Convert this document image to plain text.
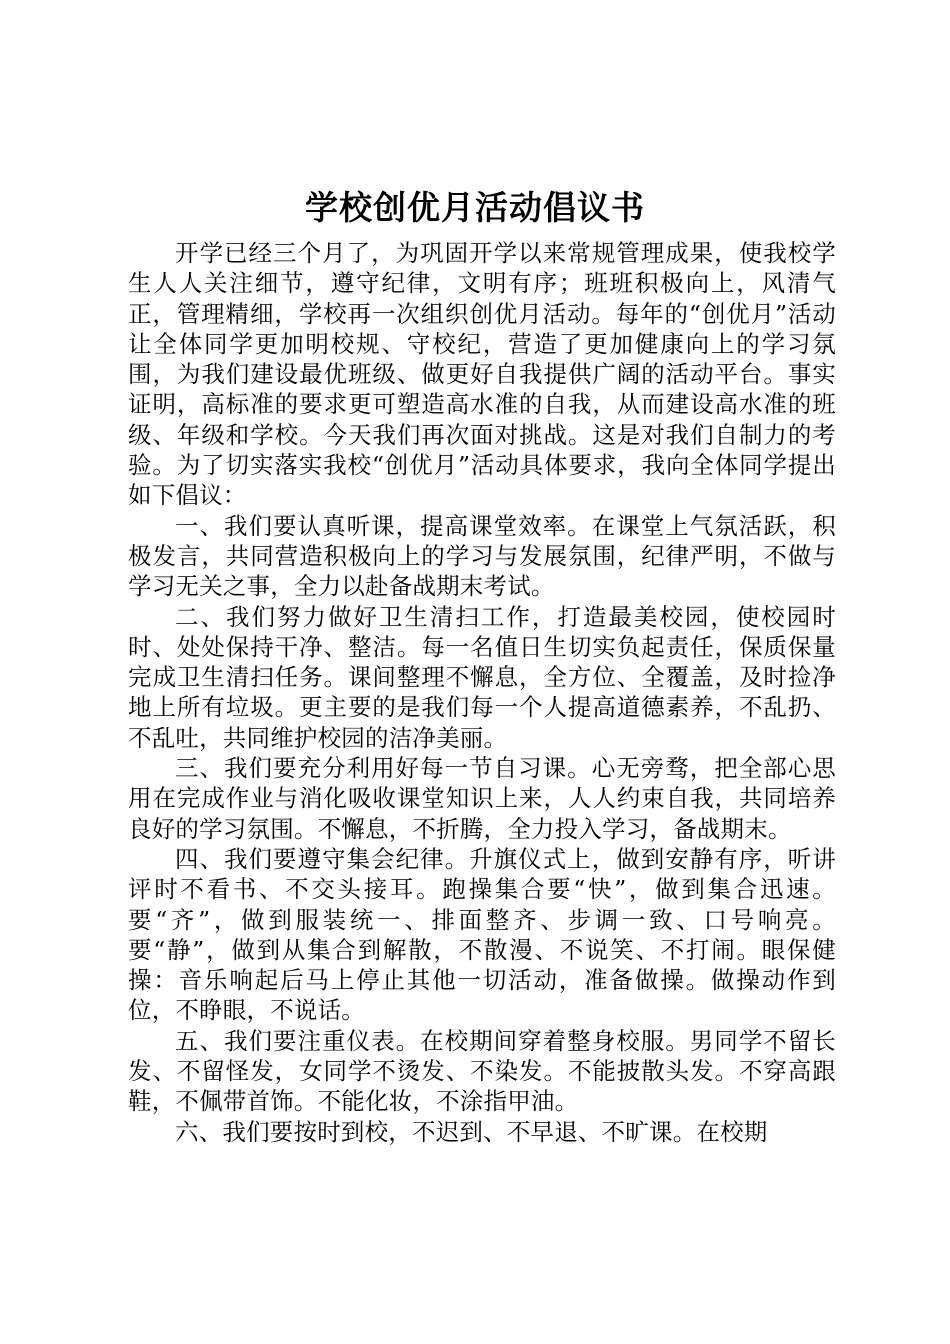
学校创优月活动倡议书

开学已经三个月了，为巩固开学以来常规管理成果，使我校学生人人关注细节，遵守纪律，文明有序；班班积极向上，风清气正，管理精细，学校再一次组织创优月活动。每年的“创优月”活动让全体同学更加明校规、守校纪，营造了更加健康向上的学习氛围，为我们建设最优班级、做更好自我提供广阔的活动平台。事实证明，高标准的要求更可塑造高水准的自我，从而建设高水准的班级、年级和学校。今天我们再次面对挑战。这是对我们自制力的考验。为了切实落实我校“创优月”活动具体要求，我向全体同学提出如下倡议：

一、我们要认真听课，提高课堂效率。在课堂上气氛活跃，积极发言，共同营造积极向上的学习与发展氛围，纪律严明，不做与学习无关之事，全力以赴备战期末考试。

二、我们努力做好卫生清扫工作，打造最美校园，使校园时时、处处保持干净、整洁。每一名值日生切实负起责任，保质保量完成卫生清扫任务。课间整理不懈息，全方位、全覆盖，及时捡净地上所有垃圾。更主要的是我们每一个人提高道德素养，不乱扔、不乱吐，共同维护校园的洁净美丽。

三、我们要充分利用好每一节自习课。心无旁骛，把全部心思用在完成作业与消化吸收课堂知识上来，人人约束自我，共同培养良好的学习氛围。不懈息，不折腾，全力投入学习，备战期末。

四、我们要遵守集会纪律。升旗仪式上，做到安静有序，听讲评时不看书、不交头接耳。跑操集合要“快”，做到集合迅速。要“齐”，做到服装统一、排面整齐、步调一致、口号响亮。要“静”，做到从集合到解散，不散漫、不说笑、不打闹。眼保健操：音乐响起后马上停止其他一切活动，准备做操。做操动作到位，不睁眼，不说话。

五、我们要注重仪表。在校期间穿着整身校服。男同学不留长发、不留怪发，女同学不烫发、不染发。不能披散头发。不穿高跟鞋，不佩带首饰。不能化妆，不涂指甲油。

六、我们要按时到校，不迟到、不早退、不旷课。在校期
